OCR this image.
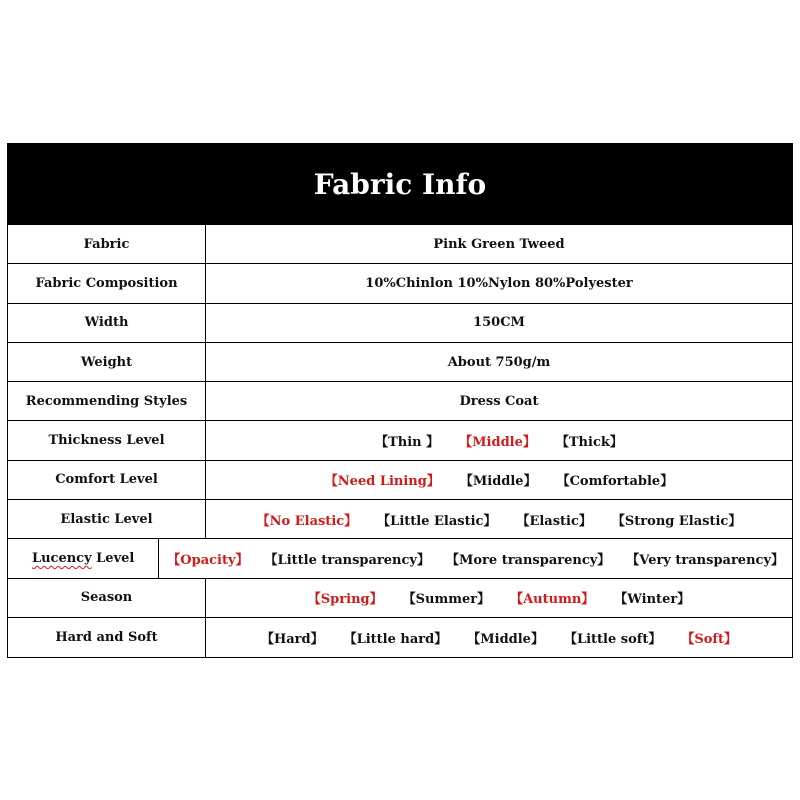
Fabric Info
Fabric	Pink Green Tweed
Fabric Composition	10%Chinlon 10%Nylon 80%Polyester
Width	150CM
Weight	About 750g/m
Recommending Styles	Dress Coat
Thickness Level	【Thin 】 【Middle】 【Thick】
Comfort Level	【Need Lining】 【Middle】 【Comfortable】
Elastic Level	【No Elastic】 【Little Elastic】 【Elastic】 【Strong Elastic】
Lucency Level	【Opacity】 【Little transparency】 【More transparency】 【Very transparency】
Season	【Spring】 【Summer】 【Autumn】 【Winter】
Hard and Soft	【Hard】 【Little hard】 【Middle】 【Little soft】 【Soft】
